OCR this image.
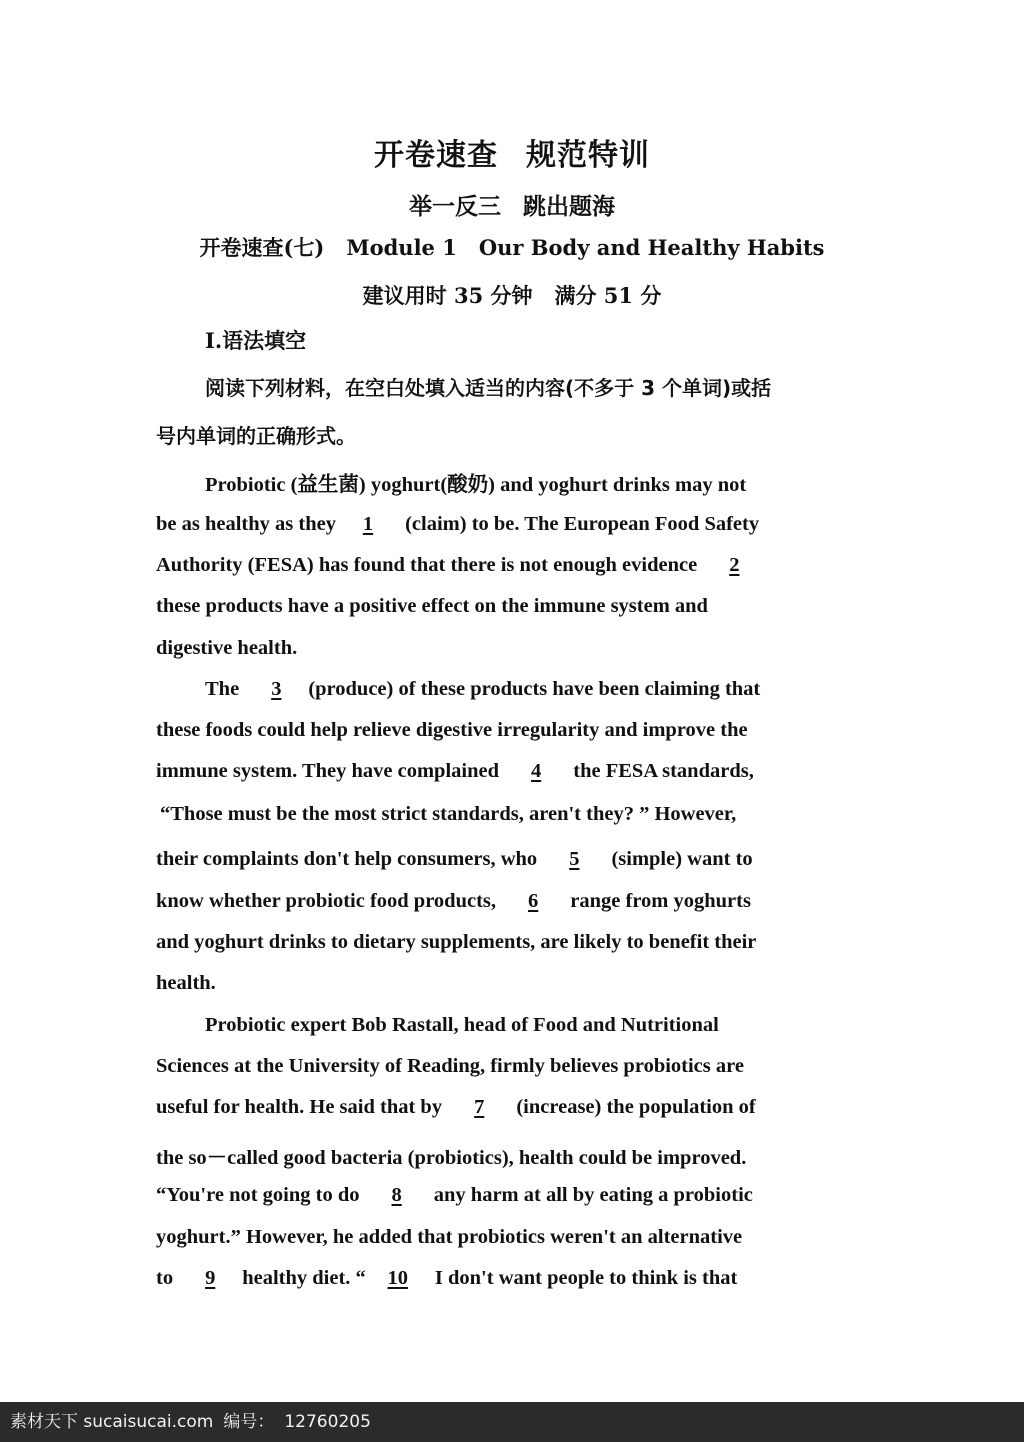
开卷速查 规范特训
举一反三 跳出题海
开卷速查(七) Module 1 Our Body and Healthy Habits
建议用时 35 分钟 满分 51 分
Ⅰ.语法填空
阅读下列材料，在空白处填入适当的内容(不多于 3 个单词)或括
号内单词的正确形式。
Probiotic (益生菌) yoghurt(酸奶) and yoghurt drinks may not
be as healthy as they 1 (claim) to be. The European Food Safety
Authority (FESA) has found that there is not enough evidence 2
these products have a positive effect on the immune system and
digestive health.
The 3 (produce) of these products have been claiming that
these foods could help relieve digestive irregularity and improve the
immune system. They have complained 4 the FESA standards,
“Those must be the most strict standards, aren't they? ” However,
their complaints don't help consumers, who 5 (simple) want to
know whether probiotic food products, 6 range from yoghurts
and yoghurt drinks to dietary supplements, are likely to benefit their
health.
Probiotic expert Bob Rastall, head of Food and Nutritional
Sciences at the University of Reading, firmly believes probiotics are
useful for health. He said that by 7 (increase) the population of
the so－called good bacteria (probiotics), health could be improved.
“You're not going to do 8 any harm at all by eating a probiotic
yoghurt.” However, he added that probiotics weren't an alternative
to 9 healthy diet. “ 10 I don't want people to think is that
素材天下 sucaisucai.com 编号： 12760205
